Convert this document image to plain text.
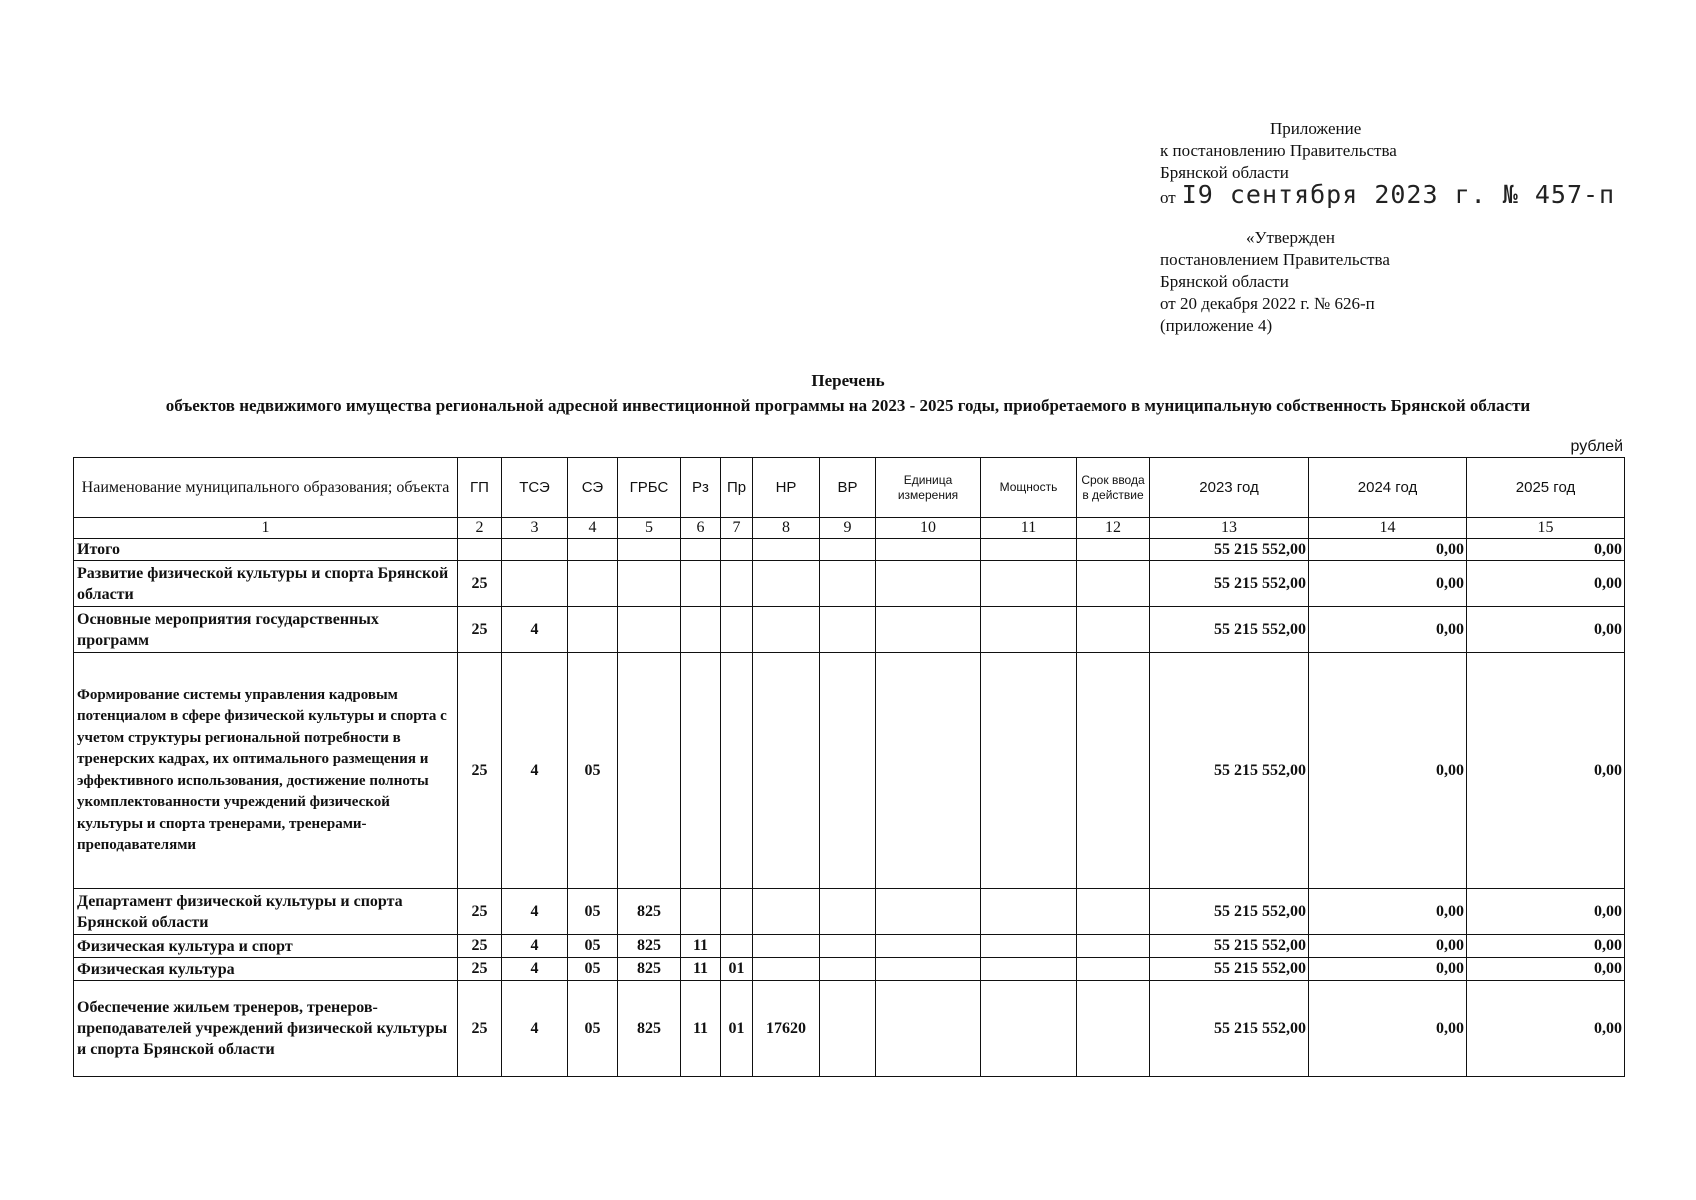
Приложение
к постановлению Правительства
Брянской области
от I9 сентября 2023 г. № 457-п
«Утвержден
постановлением Правительства
Брянской области
от 20 декабря 2022 г. № 626-п
(приложение 4)
Перечень
объектов недвижимого имущества региональной адресной инвестиционной программы на 2023 - 2025 годы, приобретаемого в муниципальную собственность Брянской области
рублей
Наименование муниципального образования; объекта	ГП	ТСЭ	СЭ	ГРБС	Рз	Пр	НР	ВР	Единица измерения	Мощность	Срок ввода в действие	2023 год	2024 год	2025 год
1	2	3	4	5	6	7	8	9	10	11	12	13	14	15
Итого												55 215 552,00	0,00	0,00
Развитие физической культуры и спорта Брянской области	25											55 215 552,00	0,00	0,00
Основные мероприятия государственных программ	25	4										55 215 552,00	0,00	0,00
Формирование системы управления кадровым потенциалом в сфере физической культуры и спорта с учетом структуры региональной потребности в тренерских кадрах, их оптимального размещения и эффективного использования, достижение полноты укомплектованности учреждений физической культуры и спорта тренерами, тренерами-преподавателями	25	4	05									55 215 552,00	0,00	0,00
Департамент физической культуры и спорта Брянской области	25	4	05	825								55 215 552,00	0,00	0,00
Физическая культура и спорт	25	4	05	825	11							55 215 552,00	0,00	0,00
Физическая культура	25	4	05	825	11	01						55 215 552,00	0,00	0,00
Обеспечение жильем тренеров, тренеров-преподавателей учреждений физической культуры и спорта Брянской области	25	4	05	825	11	01	17620					55 215 552,00	0,00	0,00
